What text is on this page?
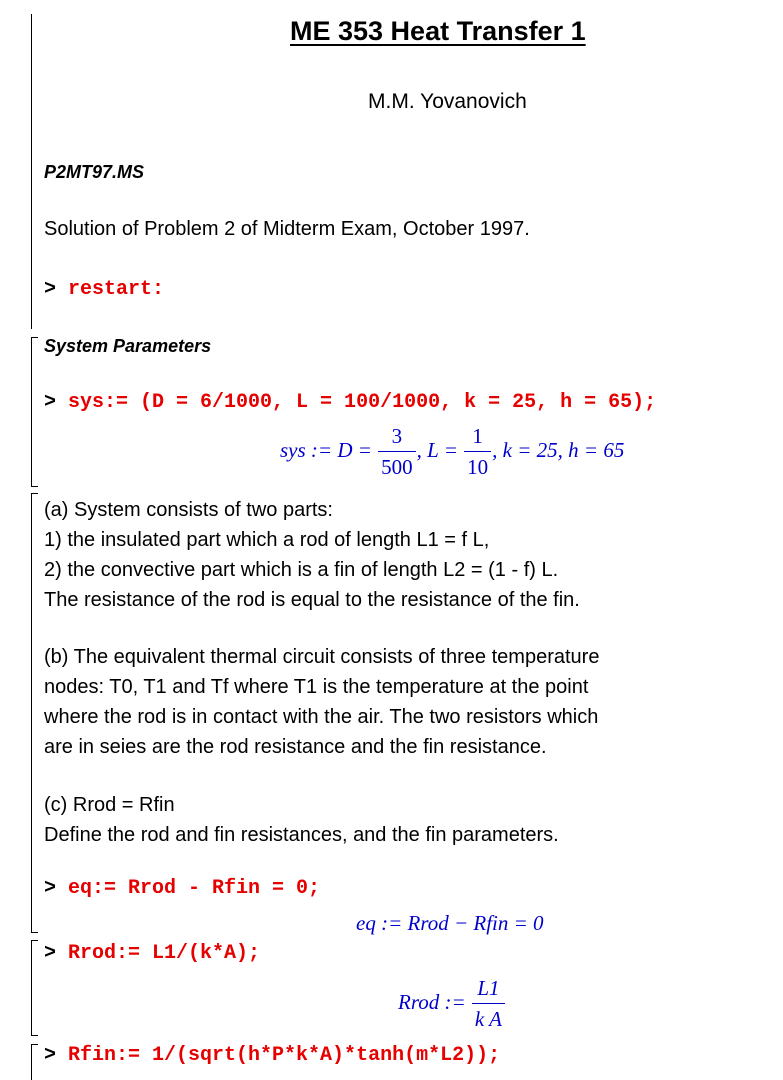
ME 353 Heat Transfer 1
M.M. Yovanovich
P2MT97.MS
Solution of Problem 2 of Midterm Exam, October 1997.
> restart:
System Parameters
> sys:= (D = 6/1000, L = 100/1000, k = 25, h = 65);
sys := $D = \frac{3}{500}$ , $L = \frac{1}{10}$ , k = 25, h = 65
(a) System consists of two parts:
1) the insulated part which a rod of length L1 = f L,
2) the convective part which is a fin of length L2 = (1 - f) L.
The resistance of the rod is equal to the resistance of the fin.
(b) The equivalent thermal circuit consists of three temperature
nodes: T0, T1 and Tf where T1 is the temperature at the point
where the rod is in contact with the air. The two resistors which
are in seies are the rod resistance and the fin resistance.
(c) Rrod = Rfin
Define the rod and fin resistances, and the fin parameters.
> eq:= Rrod - Rfin = 0;
eq := Rrod − Rfin = 0
> Rrod:= L1/(k*A);
Rrod := $\frac{L1}{\text{k A}}$
> Rfin:= 1/(sqrt(h*P*k*A)*tanh(m*L2));
